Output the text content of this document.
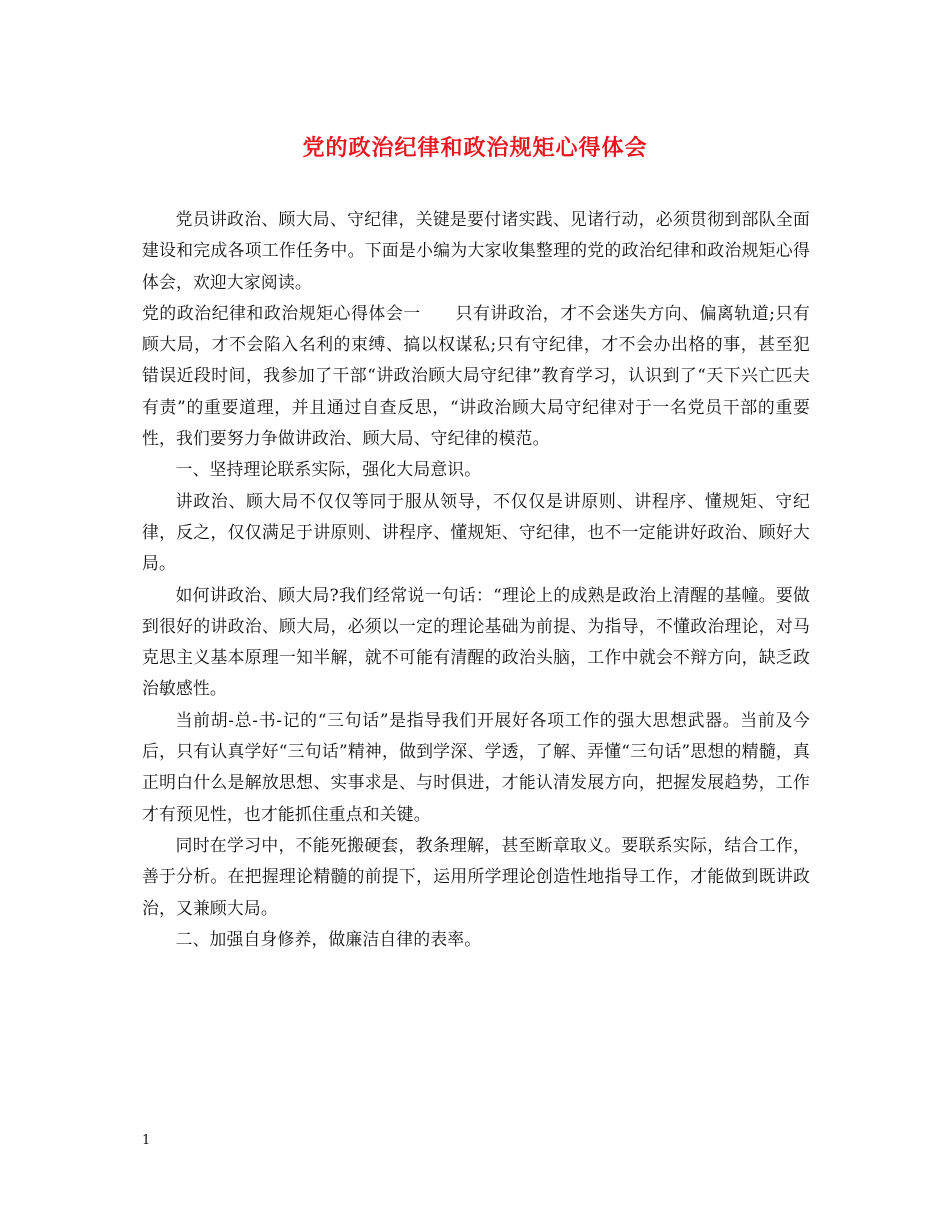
党的政治纪律和政治规矩心得体会

党员讲政治、顾大局、守纪律，关键是要付诸实践、见诸行动，必须贯彻到部队全面建设和完成各项工作任务中。下面是小编为大家收集整理的党的政治纪律和政治规矩心得体会，欢迎大家阅读。

党的政治纪律和政治规矩心得体会一　　只有讲政治，才不会迷失方向、偏离轨道;只有顾大局，才不会陷入名利的束缚、搞以权谋私;只有守纪律，才不会办出格的事，甚至犯错误近段时间，我参加了干部“讲政治顾大局守纪律”教育学习，认识到了“天下兴亡匹夫有责”的重要道理，并且通过自查反思，“讲政治顾大局守纪律对于一名党员干部的重要性，我们要努力争做讲政治、顾大局、守纪律的模范。

一、坚持理论联系实际，强化大局意识。

讲政治、顾大局不仅仅等同于服从领导，不仅仅是讲原则、讲程序、懂规矩、守纪律，反之，仅仅满足于讲原则、讲程序、懂规矩、守纪律，也不一定能讲好政治、顾好大局。

如何讲政治、顾大局?我们经常说一句话：“理论上的成熟是政治上清醒的基幢。要做到很好的讲政治、顾大局，必须以一定的理论基础为前提、为指导，不懂政治理论，对马克思主义基本原理一知半解，就不可能有清醒的政治头脑，工作中就会不辩方向，缺乏政治敏感性。

当前胡-总-书-记的“三句话”是指导我们开展好各项工作的强大思想武器。当前及今后，只有认真学好“三句话”精神，做到学深、学透，了解、弄懂“三句话”思想的精髓，真正明白什么是解放思想、实事求是、与时俱进，才能认清发展方向，把握发展趋势，工作才有预见性，也才能抓住重点和关键。

同时在学习中，不能死搬硬套，教条理解，甚至断章取义。要联系实际，结合工作，善于分析。在把握理论精髓的前提下，运用所学理论创造性地指导工作，才能做到既讲政治，又兼顾大局。

二、加强自身修养，做廉洁自律的表率。

1
